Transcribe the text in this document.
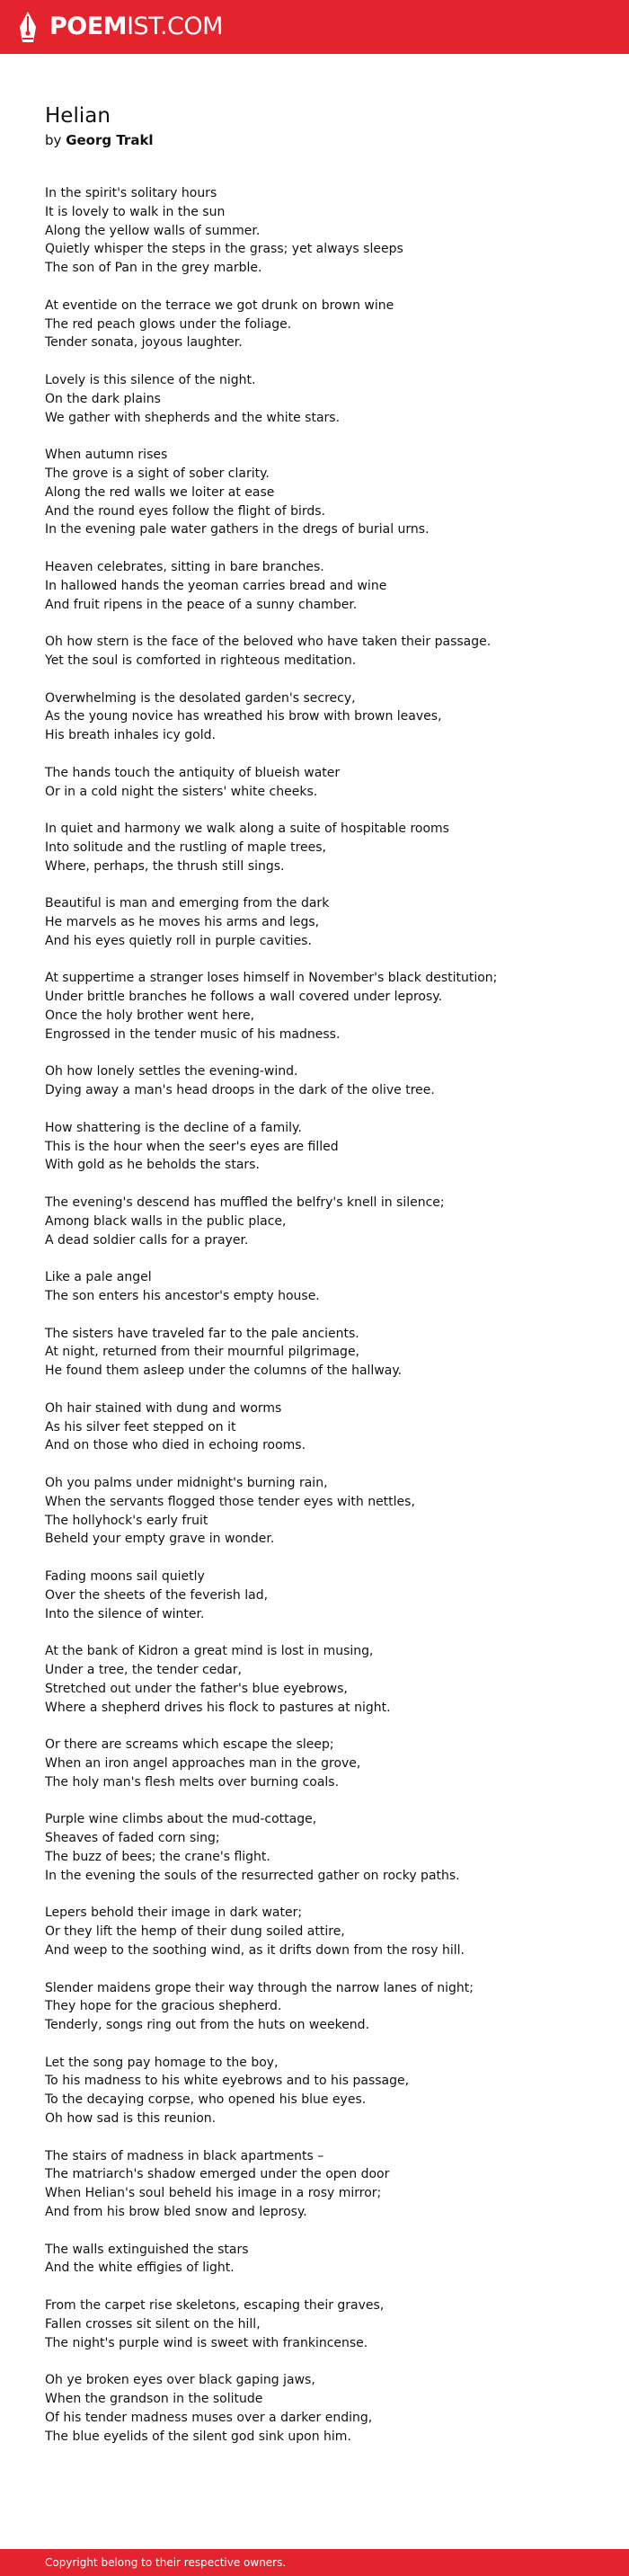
POEMIST.COM
Helian

by Georg Trakl

In the spirit's solitary hours
It is lovely to walk in the sun
Along the yellow walls of summer.
Quietly whisper the steps in the grass; yet always sleeps
The son of Pan in the grey marble.
At eventide on the terrace we got drunk on brown wine
The red peach glows under the foliage.
Tender sonata, joyous laughter.
Lovely is this silence of the night.
On the dark plains
We gather with shepherds and the white stars.
When autumn rises
The grove is a sight of sober clarity.
Along the red walls we loiter at ease
And the round eyes follow the flight of birds.
In the evening pale water gathers in the dregs of burial urns.
Heaven celebrates, sitting in bare branches.
In hallowed hands the yeoman carries bread and wine
And fruit ripens in the peace of a sunny chamber.
Oh how stern is the face of the beloved who have taken their passage.
Yet the soul is comforted in righteous meditation.
Overwhelming is the desolated garden's secrecy,
As the young novice has wreathed his brow with brown leaves,
His breath inhales icy gold.
The hands touch the antiquity of blueish water
Or in a cold night the sisters' white cheeks.
In quiet and harmony we walk along a suite of hospitable rooms
Into solitude and the rustling of maple trees,
Where, perhaps, the thrush still sings.
Beautiful is man and emerging from the dark
He marvels as he moves his arms and legs,
And his eyes quietly roll in purple cavities.
At suppertime a stranger loses himself in November's black destitution;
Under brittle branches he follows a wall covered under leprosy.
Once the holy brother went here,
Engrossed in the tender music of his madness.
Oh how lonely settles the evening-wind.
Dying away a man's head droops in the dark of the olive tree.
How shattering is the decline of a family.
This is the hour when the seer's eyes are filled
With gold as he beholds the stars.
The evening's descend has muffled the belfry's knell in silence;
Among black walls in the public place,
A dead soldier calls for a prayer.
Like a pale angel
The son enters his ancestor's empty house.
The sisters have traveled far to the pale ancients.
At night, returned from their mournful pilgrimage,
He found them asleep under the columns of the hallway.
Oh hair stained with dung and worms
As his silver feet stepped on it
And on those who died in echoing rooms.
Oh you palms under midnight's burning rain,
When the servants flogged those tender eyes with nettles,
The hollyhock's early fruit
Beheld your empty grave in wonder.
Fading moons sail quietly
Over the sheets of the feverish lad,
Into the silence of winter.
At the bank of Kidron a great mind is lost in musing,
Under a tree, the tender cedar,
Stretched out under the father's blue eyebrows,
Where a shepherd drives his flock to pastures at night.
Or there are screams which escape the sleep;
When an iron angel approaches man in the grove,
The holy man's flesh melts over burning coals.
Purple wine climbs about the mud-cottage,
Sheaves of faded corn sing;
The buzz of bees; the crane's flight.
In the evening the souls of the resurrected gather on rocky paths.
Lepers behold their image in dark water;
Or they lift the hemp of their dung soiled attire,
And weep to the soothing wind, as it drifts down from the rosy hill.
Slender maidens grope their way through the narrow lanes of night;
They hope for the gracious shepherd.
Tenderly, songs ring out from the huts on weekend.
Let the song pay homage to the boy,
To his madness to his white eyebrows and to his passage,
To the decaying corpse, who opened his blue eyes.
Oh how sad is this reunion.
The stairs of madness in black apartments –
The matriarch's shadow emerged under the open door
When Helian's soul beheld his image in a rosy mirror;
And from his brow bled snow and leprosy.
The walls extinguished the stars
And the white effigies of light.
From the carpet rise skeletons, escaping their graves,
Fallen crosses sit silent on the hill,
The night's purple wind is sweet with frankincense.
Oh ye broken eyes over black gaping jaws,
When the grandson in the solitude
Of his tender madness muses over a darker ending,
The blue eyelids of the silent god sink upon him.
Copyright belong to their respective owners.
